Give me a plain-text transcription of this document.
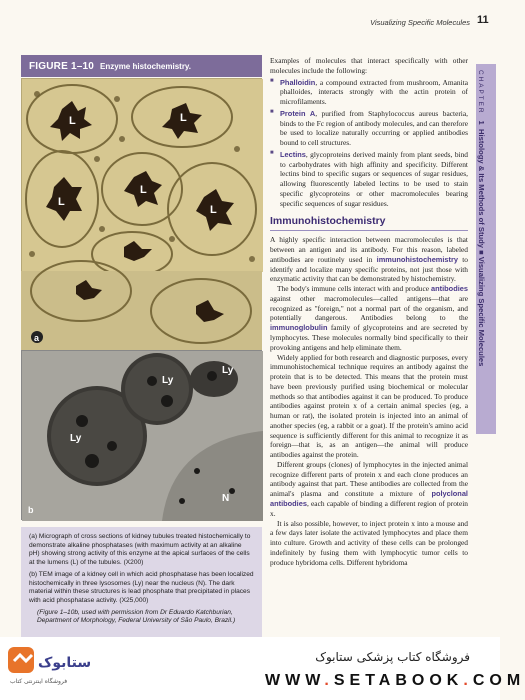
Visualizing Specific Molecules 11
FIGURE 1–10 Enzyme histochemistry.
L	L
L
L
L
a
Ly
Ly
Ly
N
b

(a) Micrograph of cross sections of kidney tubules treated histochemically to demonstrate alkaline phosphatases (with maximum activity at an alkaline pH) showing strong activity of this enzyme at the apical surfaces of the cells at the lumens (L) of the tubules. (X200)

(b) TEM image of a kidney cell in which acid phosphatase has been localized histochemically in three lysosomes (Ly) near the nucleus (N). The dark material within these structures is lead phosphate that precipitated in places with acid phosphatase activity. (X25,000)

(Figure 1–10b, used with permission from Dr Eduardo Katchburian, Department of Morphology, Federal University of São Paulo, Brazil.)

Examples of molecules that interact specifically with other molecules include the following:

■ Phalloidin, a compound extracted from mushroom, Amanita phalloides, interacts strongly with the actin protein of microfilaments.
■ Protein A, purified from Staphylococcus aureus bacteria, binds to the Fc region of antibody molecules, and can therefore be used to localize naturally occurring or applied antibodies bound to cell structures.
■ Lectins, glycoproteins derived mainly from plant seeds, bind to carbohydrates with high affinity and specificity. Different lectins bind to specific sugars or sequences of sugar residues, allowing fluorescently labeled lectins to be used to stain specific glycoproteins or other macromolecules bearing specific sequences of sugar residues.
Immunohistochemistry

A highly specific interaction between macromolecules is that between an antigen and its antibody. For this reason, labeled antibodies are routinely used in immunohistochemistry to identify and localize many specific proteins, not just those with enzymatic activity that can be demonstrated by histochemistry.

The body's immune cells interact with and produce antibodies against other macromolecules—called antigens—that are recognized as "foreign," not a normal part of the organism, and potentially dangerous. Antibodies belong to the immunoglobulin family of glycoproteins and are secreted by lymphocytes. These molecules normally bind specifically to their provoking antigens and help eliminate them.

Widely applied for both research and diagnostic purposes, every immunohistochemical technique requires an antibody against the protein that is to be detected. This means that the protein must have been previously purified using biochemical or molecular methods so that antibodies against it can be produced. To produce antibodies against protein x of a certain animal species (eg, a human or rat), the isolated protein is injected into an animal of another species (eg, a rabbit or a goat). If the protein's amino acid sequence is sufficiently different for this animal to recognize it as foreign—that is, as an antigen—the animal will produce antibodies against the protein.

Different groups (clones) of lymphocytes in the injected animal recognize different parts of protein x and each clone produces an antibody against that part. These antibodies are collected from the animal's plasma and constitute a mixture of polyclonal antibodies, each capable of binding a different region of protein x.

It is also possible, however, to inject protein x into a mouse and a few days later isolate the activated lymphocytes and place them into culture. Growth and activity of these cells can be prolonged indefinitely by fusing them with lymphocytic tumor cells to produce hybridoma cells. Different hybridoma

CHAPTER1  Histology & Its Methods of Study ■ Visualizing Specific Molecules
ستابوک
فروشگاه اینترنتی کتاب
فروشگاه کتاب پزشکی ستابوک
WWW.SETABOOK.COM
